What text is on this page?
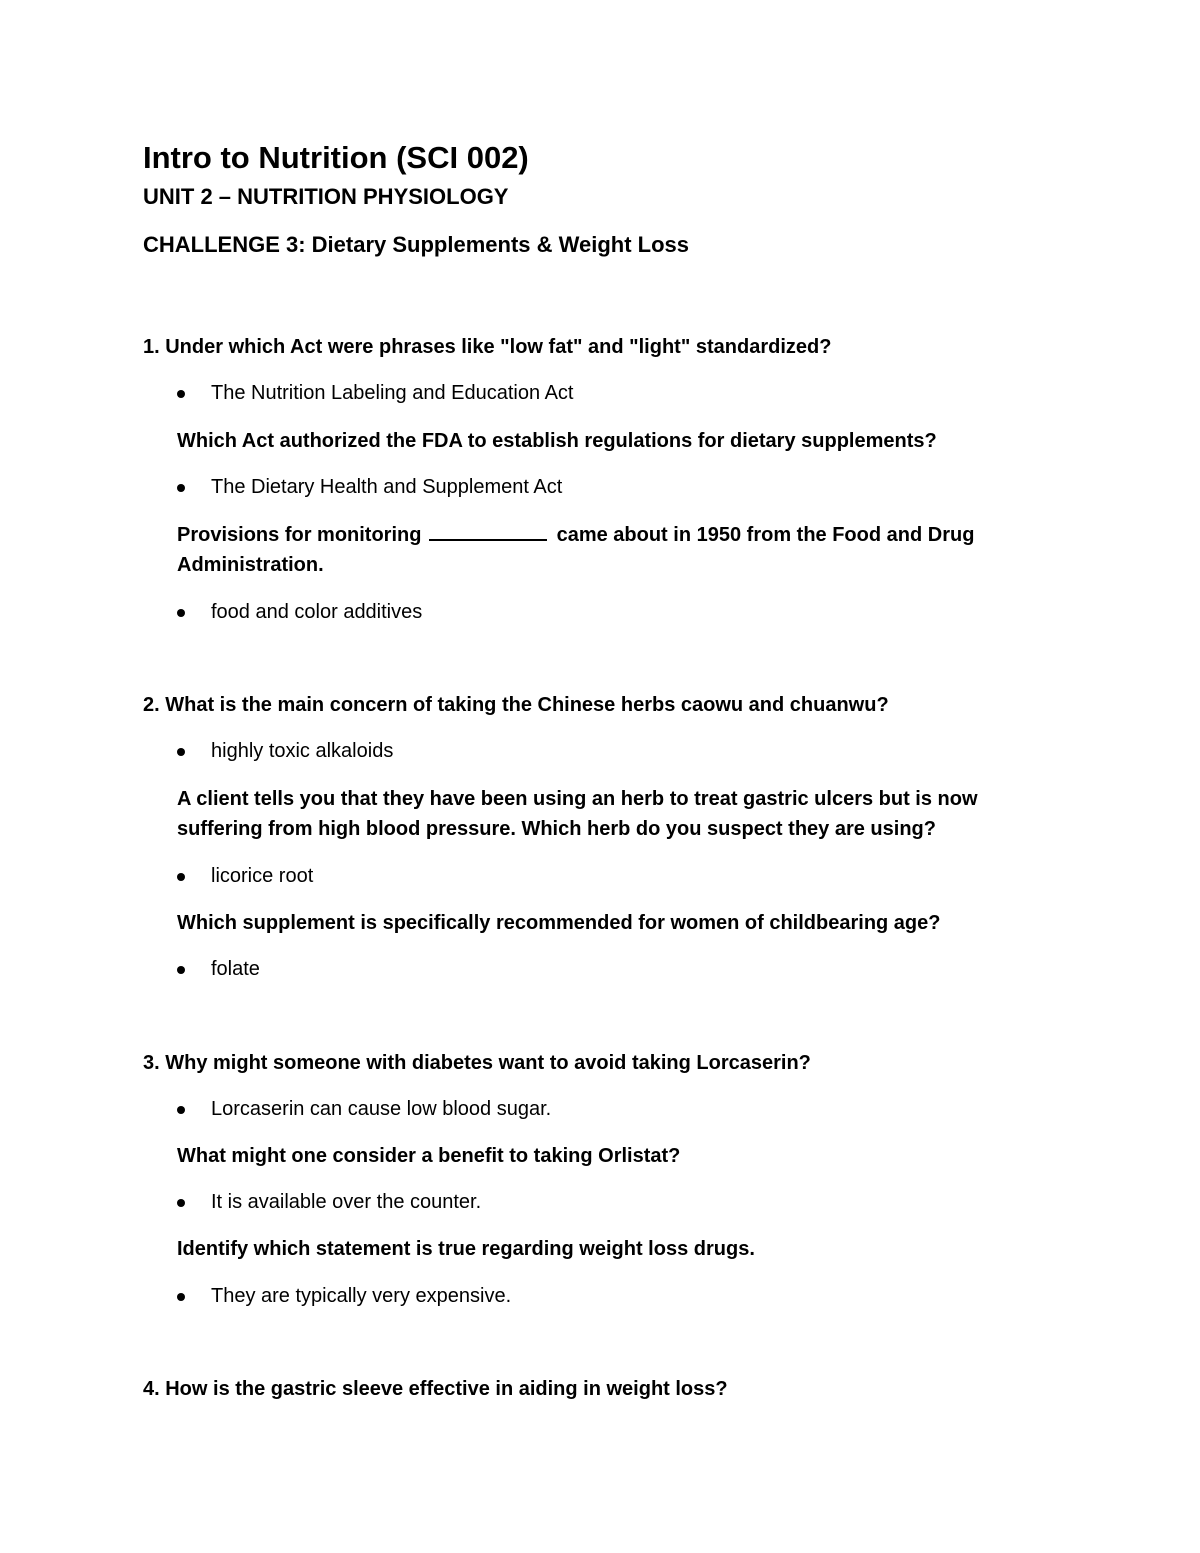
Intro to Nutrition (SCI 002)
UNIT 2 – NUTRITION PHYSIOLOGY
CHALLENGE 3: Dietary Supplements & Weight Loss
1. Under which Act were phrases like "low fat" and "light" standardized?
The Nutrition Labeling and Education Act
Which Act authorized the FDA to establish regulations for dietary supplements?
The Dietary Health and Supplement Act
Provisions for monitoring	came about in 1950 from the Food and Drug
Administration.
food and color additives
2. What is the main concern of taking the Chinese herbs caowu and chuanwu?
highly toxic alkaloids
A client tells you that they have been using an herb to treat gastric ulcers but is now
suffering from high blood pressure. Which herb do you suspect they are using?
licorice root
Which supplement is specifically recommended for women of childbearing age?
folate
3. Why might someone with diabetes want to avoid taking Lorcaserin?
Lorcaserin can cause low blood sugar.
What might one consider a benefit to taking Orlistat?
It is available over the counter.
Identify which statement is true regarding weight loss drugs.
They are typically very expensive.
4. How is the gastric sleeve effective in aiding in weight loss?
